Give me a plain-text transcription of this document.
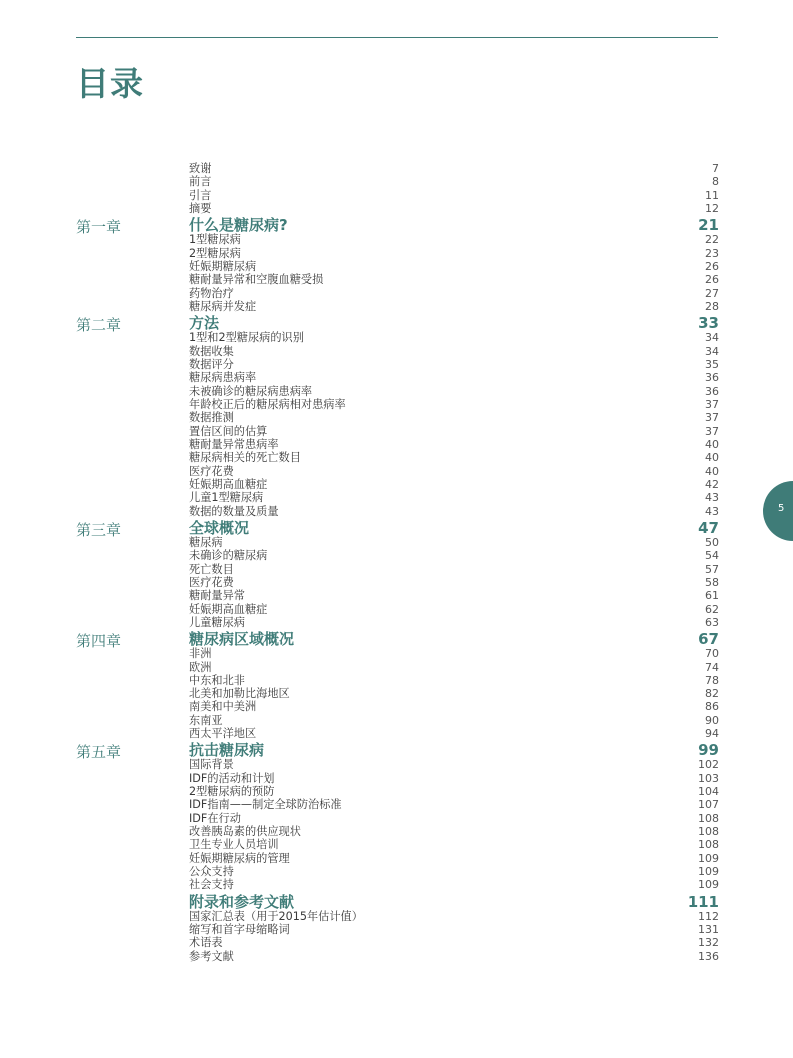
目录
致谢	7
前言	8
引言	11
摘要	12
第一章	什么是糖尿病?	21
1型糖尿病	22
2型糖尿病	23
妊娠期糖尿病	26
糖耐量异常和空腹血糖受损	26
药物治疗	27
糖尿病并发症	28
第二章	方法	33
1型和2型糖尿病的识别	34
数据收集	34
数据评分	35
糖尿病患病率	36
未被确诊的糖尿病患病率	36
年龄校正后的糖尿病相对患病率	37
数据推测	37
置信区间的估算	37
糖耐量异常患病率	40
糖尿病相关的死亡数目	40
医疗花费	40
妊娠期高血糖症	42
儿童1型糖尿病	43
数据的数量及质量	43
第三章	全球概况	47
糖尿病	50
未确诊的糖尿病	54
死亡数目	57
医疗花费	58
糖耐量异常	61
妊娠期高血糖症	62
儿童糖尿病	63
第四章	糖尿病区域概况	67
非洲	70
欧洲	74
中东和北非	78
北美和加勒比海地区	82
南美和中美洲	86
东南亚	90
西太平洋地区	94
第五章	抗击糖尿病	99
国际背景	102
IDF的活动和计划	103
2型糖尿病的预防	104
IDF指南——制定全球防治标准	107
IDF在行动	108
改善胰岛素的供应现状	108
卫生专业人员培训	108
妊娠期糖尿病的管理	109
公众支持	109
社会支持	109
附录和参考文献	111
国家汇总表（用于2015年估计值）	112
缩写和首字母缩略词	131
术语表	132
参考文献	136
5
